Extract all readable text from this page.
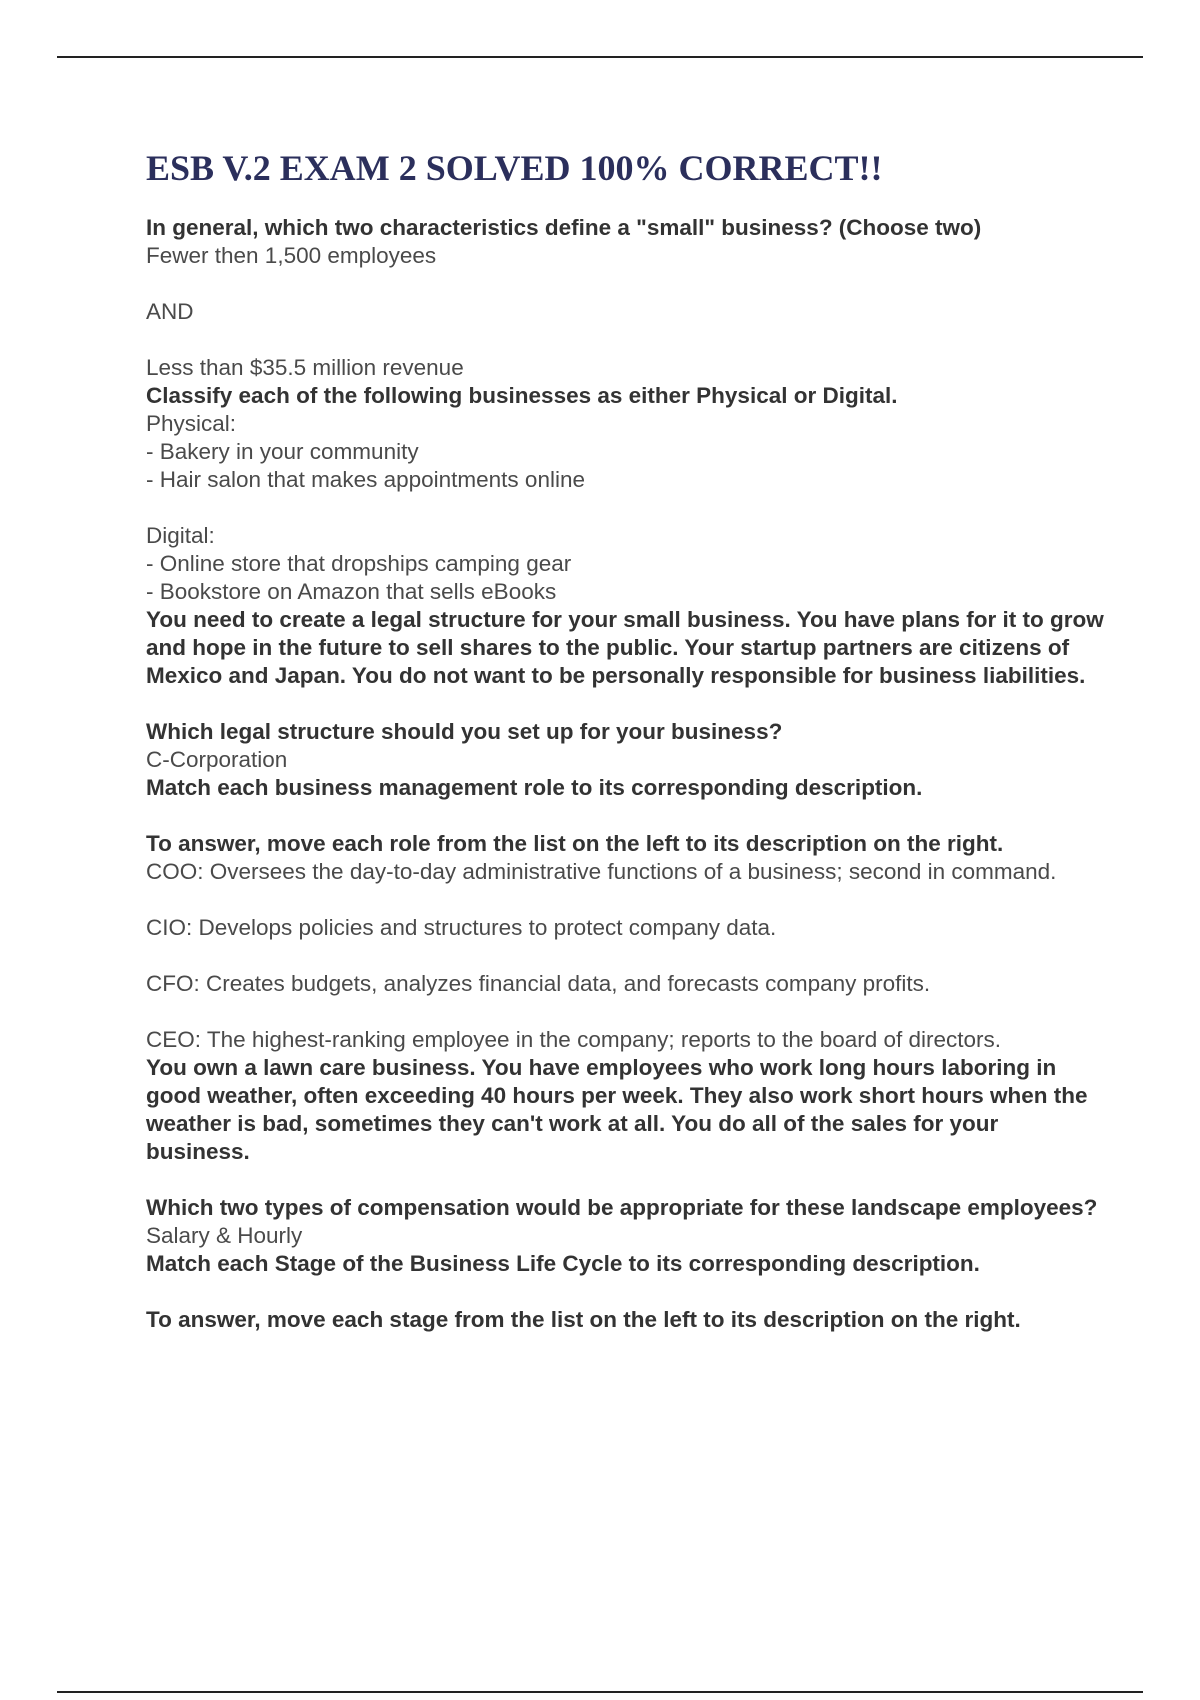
ESB V.2 EXAM 2 SOLVED 100% CORRECT!!

In general, which two characteristics define a "small" business? (Choose two)

Fewer then 1,500 employees

AND

Less than $35.5 million revenue

Classify each of the following businesses as either Physical or Digital.

Physical:
- Bakery in your community
- Hair salon that makes appointments online

Digital:
- Online store that dropships camping gear
- Bookstore on Amazon that sells eBooks

You need to create a legal structure for your small business. You have plans for it to grow and hope in the future to sell shares to the public. Your startup partners are citizens of Mexico and Japan. You do not want to be personally responsible for business liabilities.

Which legal structure should you set up for your business?

C-Corporation

Match each business management role to its corresponding description.

To answer, move each role from the list on the left to its description on the right.

COO: Oversees the day-to-day administrative functions of a business; second in command.

CIO: Develops policies and structures to protect company data.

CFO: Creates budgets, analyzes financial data, and forecasts company profits.

CEO: The highest-ranking employee in the company; reports to the board of directors.

You own a lawn care business. You have employees who work long hours laboring in good weather, often exceeding 40 hours per week. They also work short hours when the weather is bad, sometimes they can't work at all. You do all of the sales for your business.

Which two types of compensation would be appropriate for these landscape employees?

Salary & Hourly

Match each Stage of the Business Life Cycle to its corresponding description.

To answer, move each stage from the list on the left to its description on the right.
